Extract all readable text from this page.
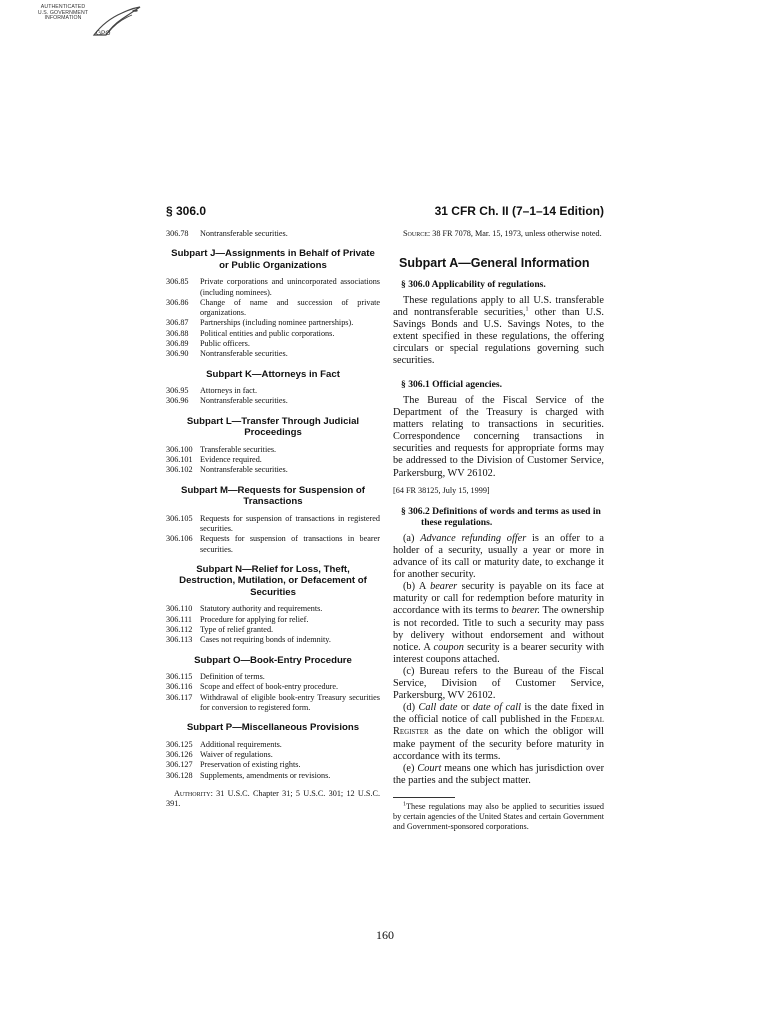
AUTHENTICATED
U.S. GOVERNMENT
INFORMATION
GPO
§ 306.0	31 CFR Ch. II (7–1–14 Edition)
306.78 Nontransferable securities.
Subpart J—Assignments in Behalf of Private or Public Organizations
306.85 Private corporations and unincorporated associations (including nominees).
306.86 Change of name and succession of private organizations.
306.87 Partnerships (including nominee partnerships).
306.88 Political entities and public corporations.
306.89 Public officers.
306.90 Nontransferable securities.
Subpart K—Attorneys in Fact
306.95 Attorneys in fact.
306.96 Nontransferable securities.
Subpart L—Transfer Through Judicial Proceedings
306.100 Transferable securities.
306.101 Evidence required.
306.102 Nontransferable securities.
Subpart M—Requests for Suspension of Transactions
306.105 Requests for suspension of transactions in registered securities.
306.106 Requests for suspension of transactions in bearer securities.
Subpart N—Relief for Loss, Theft, Destruction, Mutilation, or Defacement of Securities
306.110 Statutory authority and requirements.
306.111 Procedure for applying for relief.
306.112 Type of relief granted.
306.113 Cases not requiring bonds of indemnity.
Subpart O—Book-Entry Procedure
306.115 Definition of terms.
306.116 Scope and effect of book-entry procedure.
306.117 Withdrawal of eligible book-entry Treasury securities for conversion to registered form.
Subpart P—Miscellaneous Provisions
306.125 Additional requirements.
306.126 Waiver of regulations.
306.127 Preservation of existing rights.
306.128 Supplements, amendments or revisions.
Authority: 31 U.S.C. Chapter 31; 5 U.S.C. 301; 12 U.S.C. 391.
Source: 38 FR 7078, Mar. 15, 1973, unless otherwise noted.
Subpart A—General Information
§ 306.0 Applicability of regulations.

These regulations apply to all U.S. transferable and nontransferable securities,$^1$ other than U.S. Savings Bonds and U.S. Savings Notes, to the extent specified in these regulations, the offering circulars or special regulations governing such securities.

§ 306.1 Official agencies.

The Bureau of the Fiscal Service of the Department of the Treasury is charged with matters relating to transactions in securities. Correspondence concerning transactions in securities and requests for appropriate forms may be addressed to the Division of Customer Service, Parkersburg, WV 26102.

[64 FR 38125, July 15, 1999]
§ 306.2 Definitions of words and terms as used in these regulations.

(a) Advance refunding offer is an offer to a holder of a security, usually a year or more in advance of its call or maturity date, to exchange it for another security.

(b) A bearer security is payable on its face at maturity or call for redemption before maturity in accordance with its terms to bearer. The ownership is not recorded. Title to such a security may pass by delivery without endorsement and without notice. A coupon security is a bearer security with interest coupons attached.

(c) Bureau refers to the Bureau of the Fiscal Service, Division of Customer Service, Parkersburg, WV 26102.

(d) Call date or date of call is the date fixed in the official notice of call published in the Federal Register as the date on which the obligor will make payment of the security before maturity in accordance with its terms.

(e) Court means one which has jurisdiction over the parties and the subject matter.

$^1$These regulations may also be applied to securities issued by certain agencies of the United States and certain Government and Government-sponsored corporations.
160
